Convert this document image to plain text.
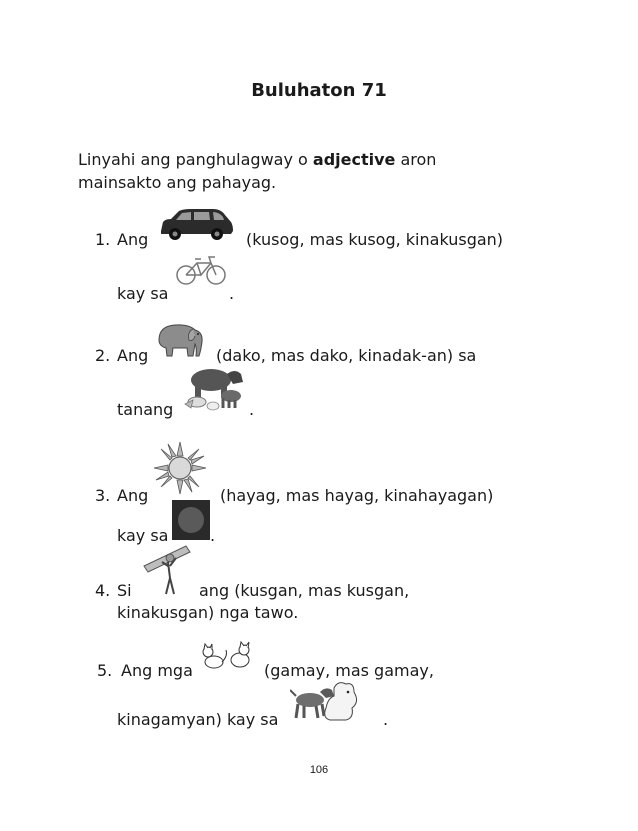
Buluhaton 71
Linyahi ang panghulagway o adjective aron
mainsakto ang pahayag.
1. Ang	(kusog, mas kusog, kinakusgan)
kay sa	.
2. Ang	(dako, mas dako, kinadak-an) sa
tanang	.
3. Ang	(hayag, mas hayag, kinahayagan)
kay sa	.
4. Si	ang (kusgan, mas kusgan,
kinakusgan) nga tawo.
5. Ang mga	(gamay, mas gamay,
kinagamyan) kay sa	.
106
